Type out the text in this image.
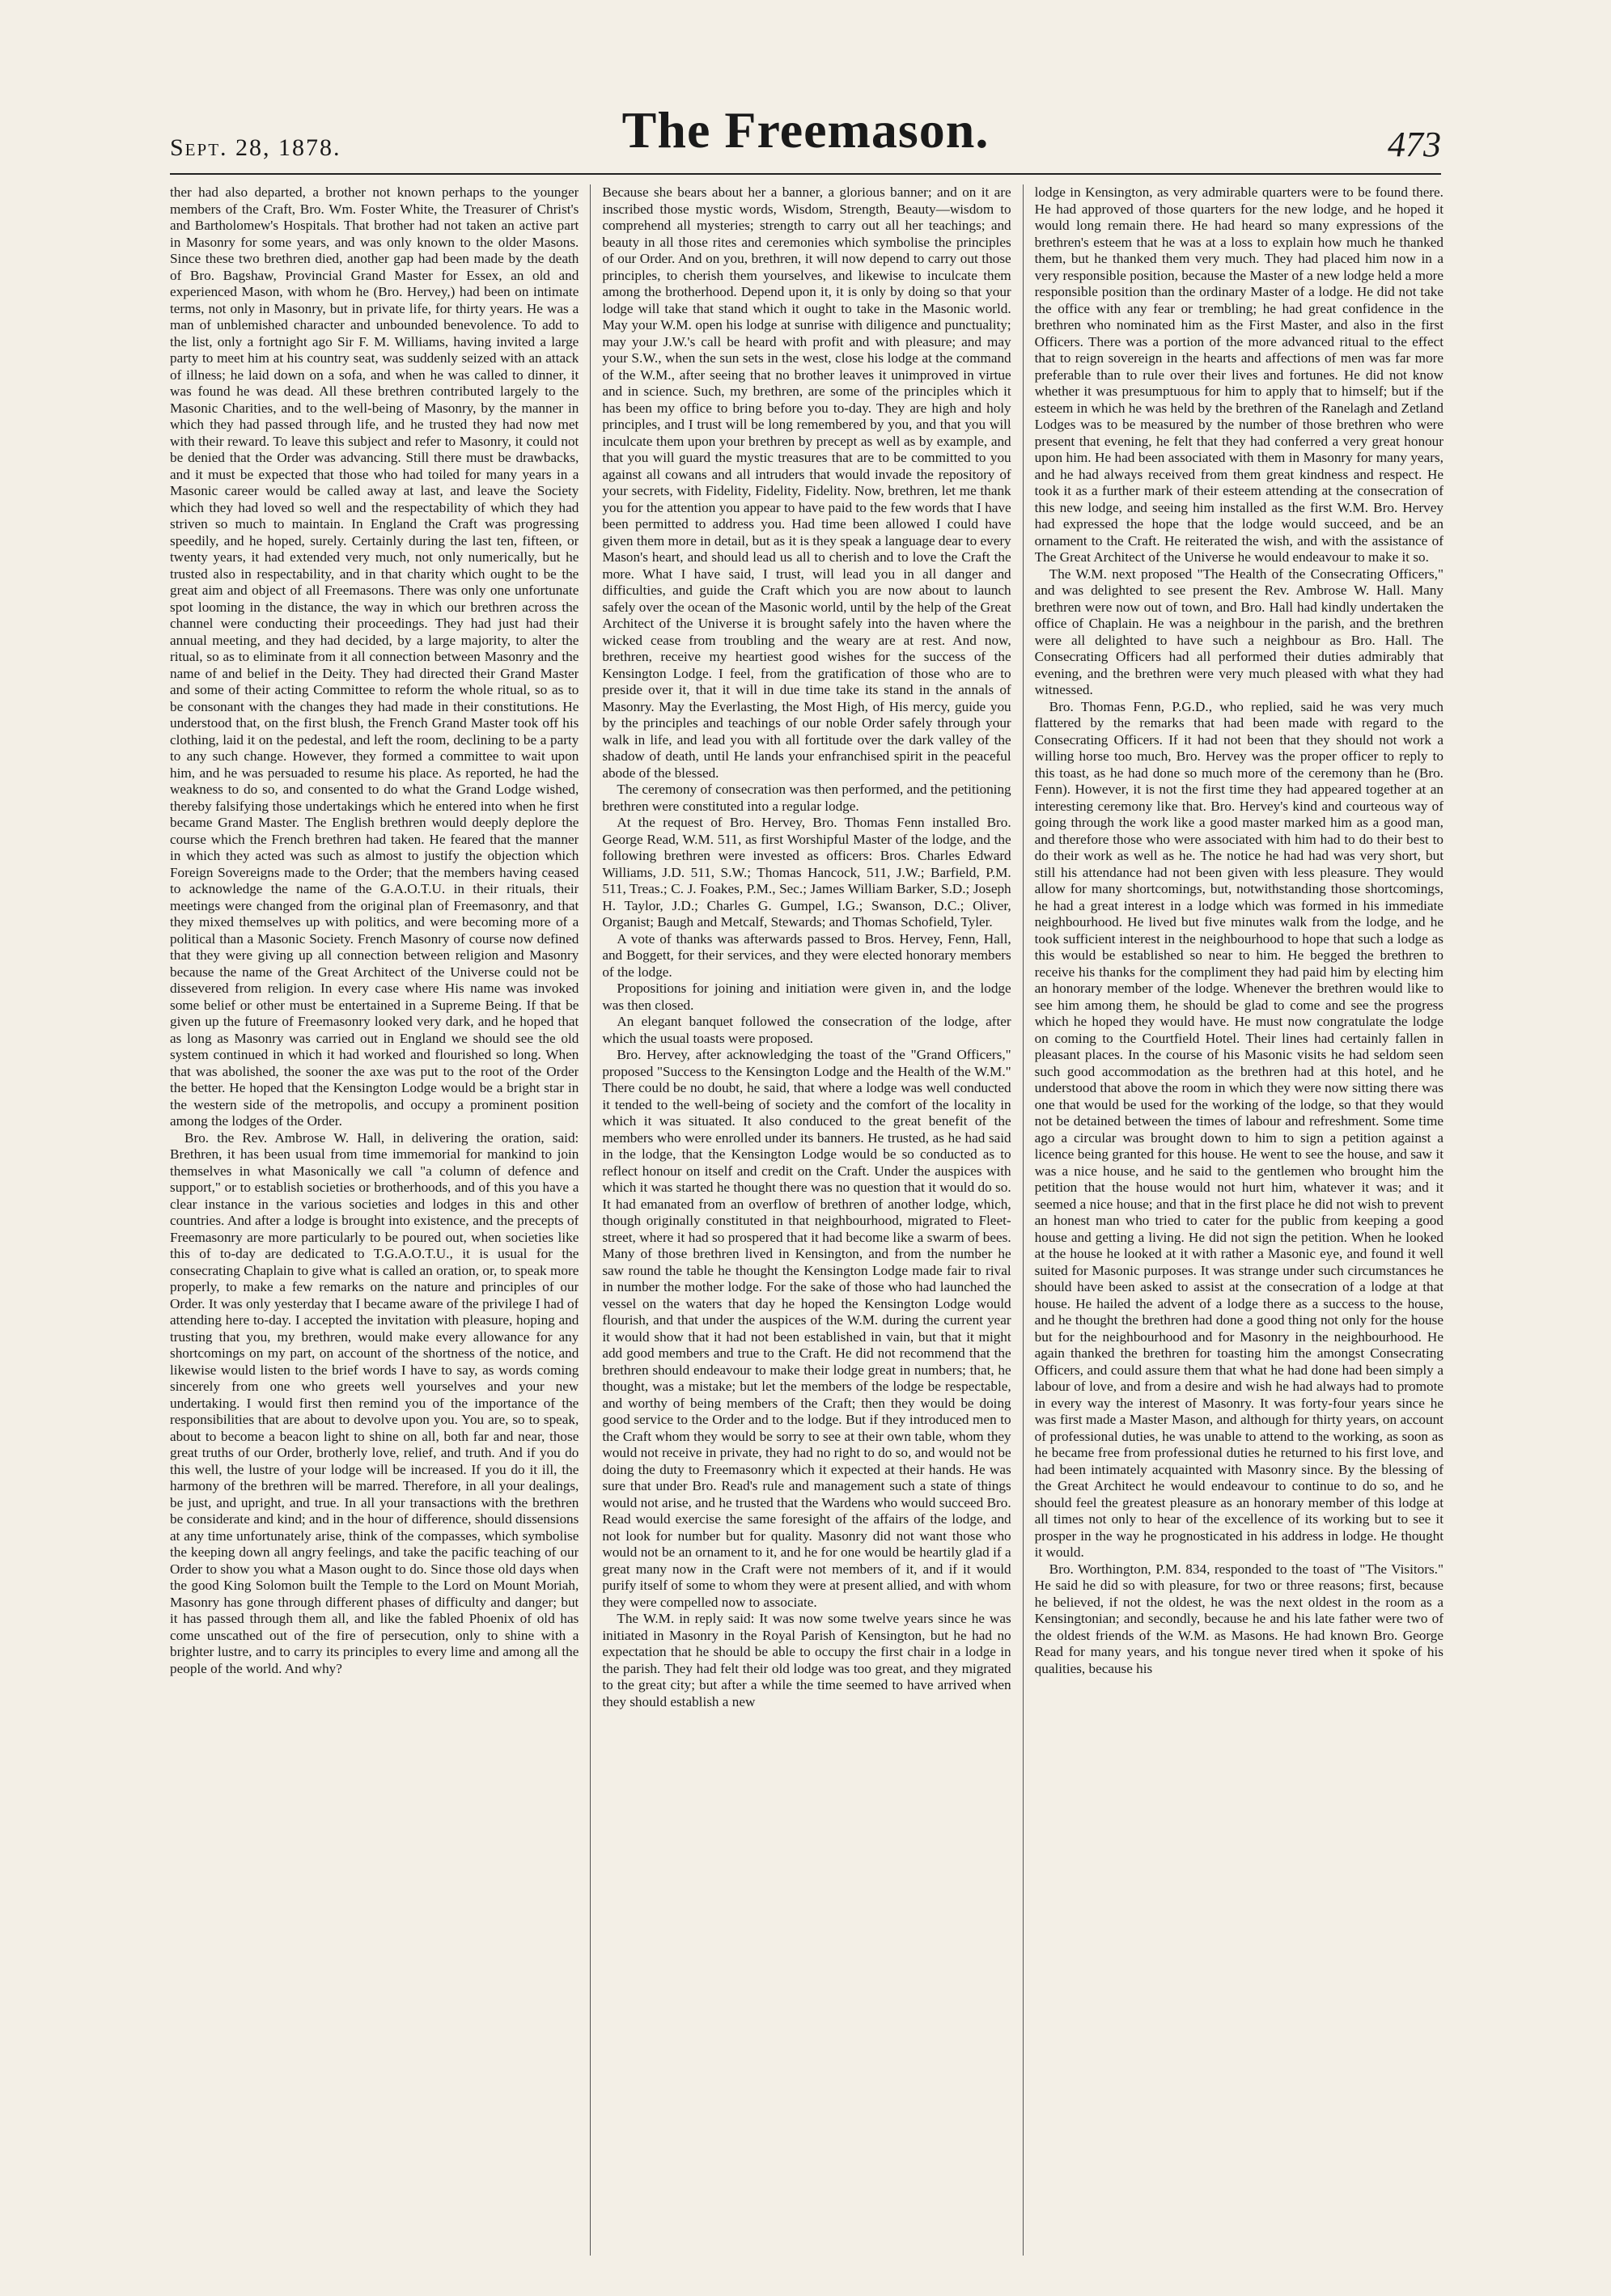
Sept. 28, 1878.	The Freemason.	473

ther had also departed, a brother not known perhaps to the younger members of the Craft, Bro. Wm. Foster White, the Treasurer of Christ's and Bartholomew's Hospitals. That brother had not taken an active part in Masonry for some years, and was only known to the older Masons. Since these two brethren died, another gap had been made by the death of Bro. Bagshaw, Provincial Grand Master for Essex, an old and experienced Mason, with whom he (Bro. Hervey,) had been on intimate terms, not only in Masonry, but in private life, for thirty years. He was a man of unblemished character and unbounded benevolence. To add to the list, only a fortnight ago Sir F. M. Williams, having invited a large party to meet him at his country seat, was suddenly seized with an attack of illness; he laid down on a sofa, and when he was called to dinner, it was found he was dead. All these brethren contributed largely to the Masonic Charities, and to the well-being of Masonry, by the manner in which they had passed through life, and he trusted they had now met with their reward. To leave this subject and refer to Masonry, it could not be denied that the Order was advancing. Still there must be drawbacks, and it must be expected that those who had toiled for many years in a Masonic career would be called away at last, and leave the Society which they had loved so well and the respectability of which they had striven so much to maintain. In England the Craft was progressing speedily, and he hoped, surely. Certainly during the last ten, fifteen, or twenty years, it had extended very much, not only numerically, but he trusted also in respectability, and in that charity which ought to be the great aim and object of all Freemasons. There was only one unfortunate spot looming in the distance, the way in which our brethren across the channel were conducting their proceedings. They had just had their annual meeting, and they had decided, by a large majority, to alter the ritual, so as to eliminate from it all connection between Masonry and the name of and belief in the Deity. They had directed their Grand Master and some of their acting Committee to reform the whole ritual, so as to be consonant with the changes they had made in their constitutions. He understood that, on the first blush, the French Grand Master took off his clothing, laid it on the pedestal, and left the room, declining to be a party to any such change. However, they formed a committee to wait upon him, and he was persuaded to resume his place. As reported, he had the weakness to do so, and consented to do what the Grand Lodge wished, thereby falsifying those undertakings which he entered into when he first became Grand Master. The English brethren would deeply deplore the course which the French brethren had taken. He feared that the manner in which they acted was such as almost to justify the objection which Foreign Sovereigns made to the Order; that the members having ceased to acknowledge the name of the G.A.O.T.U. in their rituals, their meetings were changed from the original plan of Freemasonry, and that they mixed themselves up with politics, and were becoming more of a political than a Masonic Society. French Masonry of course now defined that they were giving up all connection between religion and Masonry because the name of the Great Architect of the Universe could not be dissevered from religion. In every case where His name was invoked some belief or other must be entertained in a Supreme Being. If that be given up the future of Freemasonry looked very dark, and he hoped that as long as Masonry was carried out in England we should see the old system continued in which it had worked and flourished so long. When that was abolished, the sooner the axe was put to the root of the Order the better. He hoped that the Kensington Lodge would be a bright star in the western side of the metropolis, and occupy a prominent position among the lodges of the Order.

Bro. the Rev. Ambrose W. Hall, in delivering the oration, said: Brethren, it has been usual from time immemorial for mankind to join themselves in what Masonically we call "a column of defence and support," or to establish societies or brotherhoods, and of this you have a clear instance in the various societies and lodges in this and other countries. And after a lodge is brought into existence, and the precepts of Freemasonry are more particularly to be poured out, when societies like this of to-day are dedicated to T.G.A.O.T.U., it is usual for the consecrating Chaplain to give what is called an oration, or, to speak more properly, to make a few remarks on the nature and principles of our Order. It was only yesterday that I became aware of the privilege I had of attending here to-day. I accepted the invitation with pleasure, hoping and trusting that you, my brethren, would make every allowance for any shortcomings on my part, on account of the shortness of the notice, and likewise would listen to the brief words I have to say, as words coming sincerely from one who greets well yourselves and your new undertaking. I would first then remind you of the importance of the responsibilities that are about to devolve upon you. You are, so to speak, about to become a beacon light to shine on all, both far and near, those great truths of our Order, brotherly love, relief, and truth. And if you do this well, the lustre of your lodge will be increased. If you do it ill, the harmony of the brethren will be marred. Therefore, in all your dealings, be just, and upright, and true. In all your transactions with the brethren be considerate and kind; and in the hour of difference, should dissensions at any time unfortunately arise, think of the compasses, which symbolise the keeping down all angry feelings, and take the pacific teaching of our Order to show you what a Mason ought to do. Since those old days when the good King Solomon built the Temple to the Lord on Mount Moriah, Masonry has gone through different phases of difficulty and danger; but it has passed through them all, and like the fabled Phoenix of old has come unscathed out of the fire of persecution, only to shine with a brighter lustre, and to carry its principles to every lime and among all the people of the world. And why?

Because she bears about her a banner, a glorious banner; and on it are inscribed those mystic words, Wisdom, Strength, Beauty—wisdom to comprehend all mysteries; strength to carry out all her teachings; and beauty in all those rites and ceremonies which symbolise the principles of our Order. And on you, brethren, it will now depend to carry out those principles, to cherish them yourselves, and likewise to inculcate them among the brotherhood. Depend upon it, it is only by doing so that your lodge will take that stand which it ought to take in the Masonic world. May your W.M. open his lodge at sunrise with diligence and punctuality; may your J.W.'s call be heard with profit and with pleasure; and may your S.W., when the sun sets in the west, close his lodge at the command of the W.M., after seeing that no brother leaves it unimproved in virtue and in science. Such, my brethren, are some of the principles which it has been my office to bring before you to-day. They are high and holy principles, and I trust will be long remembered by you, and that you will inculcate them upon your brethren by precept as well as by example, and that you will guard the mystic treasures that are to be committed to you against all cowans and all intruders that would invade the repository of your secrets, with Fidelity, Fidelity, Fidelity. Now, brethren, let me thank you for the attention you appear to have paid to the few words that I have been permitted to address you. Had time been allowed I could have given them more in detail, but as it is they speak a language dear to every Mason's heart, and should lead us all to cherish and to love the Craft the more. What I have said, I trust, will lead you in all danger and difficulties, and guide the Craft which you are now about to launch safely over the ocean of the Masonic world, until by the help of the Great Architect of the Universe it is brought safely into the haven where the wicked cease from troubling and the weary are at rest. And now, brethren, receive my heartiest good wishes for the success of the Kensington Lodge. I feel, from the gratification of those who are to preside over it, that it will in due time take its stand in the annals of Masonry. May the Everlasting, the Most High, of His mercy, guide you by the principles and teachings of our noble Order safely through your walk in life, and lead you with all fortitude over the dark valley of the shadow of death, until He lands your enfranchised spirit in the peaceful abode of the blessed.

The ceremony of consecration was then performed, and the petitioning brethren were constituted into a regular lodge.

At the request of Bro. Hervey, Bro. Thomas Fenn installed Bro. George Read, W.M. 511, as first Worshipful Master of the lodge, and the following brethren were invested as officers: Bros. Charles Edward Williams, J.D. 511, S.W.; Thomas Hancock, 511, J.W.; Barfield, P.M. 511, Treas.; C. J. Foakes, P.M., Sec.; James William Barker, S.D.; Joseph H. Taylor, J.D.; Charles G. Gumpel, I.G.; Swanson, D.C.; Oliver, Organist; Baugh and Metcalf, Stewards; and Thomas Schofield, Tyler.

A vote of thanks was afterwards passed to Bros. Hervey, Fenn, Hall, and Boggett, for their services, and they were elected honorary members of the lodge.

Propositions for joining and initiation were given in, and the lodge was then closed.

An elegant banquet followed the consecration of the lodge, after which the usual toasts were proposed.

Bro. Hervey, after acknowledging the toast of the "Grand Officers," proposed "Success to the Kensington Lodge and the Health of the W.M." There could be no doubt, he said, that where a lodge was well conducted it tended to the well-being of society and the comfort of the locality in which it was situated. It also conduced to the great benefit of the members who were enrolled under its banners. He trusted, as he had said in the lodge, that the Kensington Lodge would be so conducted as to reflect honour on itself and credit on the Craft. Under the auspices with which it was started he thought there was no question that it would do so. It had emanated from an overflow of brethren of another lodge, which, though originally constituted in that neighbourhood, migrated to Fleet-street, where it had so prospered that it had become like a swarm of bees. Many of those brethren lived in Kensington, and from the number he saw round the table he thought the Kensington Lodge made fair to rival in number the mother lodge. For the sake of those who had launched the vessel on the waters that day he hoped the Kensington Lodge would flourish, and that under the auspices of the W.M. during the current year it would show that it had not been established in vain, but that it might add good members and true to the Craft. He did not recommend that the brethren should endeavour to make their lodge great in numbers; that, he thought, was a mistake; but let the members of the lodge be respectable, and worthy of being members of the Craft; then they would be doing good service to the Order and to the lodge. But if they introduced men to the Craft whom they would be sorry to see at their own table, whom they would not receive in private, they had no right to do so, and would not be doing the duty to Freemasonry which it expected at their hands. He was sure that under Bro. Read's rule and management such a state of things would not arise, and he trusted that the Wardens who would succeed Bro. Read would exercise the same foresight of the affairs of the lodge, and not look for number but for quality. Masonry did not want those who would not be an ornament to it, and he for one would be heartily glad if a great many now in the Craft were not members of it, and if it would purify itself of some to whom they were at present allied, and with whom they were compelled now to associate.

The W.M. in reply said: It was now some twelve years since he was initiated in Masonry in the Royal Parish of Kensington, but he had no expectation that he should be able to occupy the first chair in a lodge in the parish. They had felt their old lodge was too great, and they migrated to the great city; but after a while the time seemed to have arrived when they should establish a new

lodge in Kensington, as very admirable quarters were to be found there. He had approved of those quarters for the new lodge, and he hoped it would long remain there. He had heard so many expressions of the brethren's esteem that he was at a loss to explain how much he thanked them, but he thanked them very much. They had placed him now in a very responsible position, because the Master of a new lodge held a more responsible position than the ordinary Master of a lodge. He did not take the office with any fear or trembling; he had great confidence in the brethren who nominated him as the First Master, and also in the first Officers. There was a portion of the more advanced ritual to the effect that to reign sovereign in the hearts and affections of men was far more preferable than to rule over their lives and fortunes. He did not know whether it was presumptuous for him to apply that to himself; but if the esteem in which he was held by the brethren of the Ranelagh and Zetland Lodges was to be measured by the number of those brethren who were present that evening, he felt that they had conferred a very great honour upon him. He had been associated with them in Masonry for many years, and he had always received from them great kindness and respect. He took it as a further mark of their esteem attending at the consecration of this new lodge, and seeing him installed as the first W.M. Bro. Hervey had expressed the hope that the lodge would succeed, and be an ornament to the Craft. He reiterated the wish, and with the assistance of The Great Architect of the Universe he would endeavour to make it so.

The W.M. next proposed "The Health of the Consecrating Officers," and was delighted to see present the Rev. Ambrose W. Hall. Many brethren were now out of town, and Bro. Hall had kindly undertaken the office of Chaplain. He was a neighbour in the parish, and the brethren were all delighted to have such a neighbour as Bro. Hall. The Consecrating Officers had all performed their duties admirably that evening, and the brethren were very much pleased with what they had witnessed.

Bro. Thomas Fenn, P.G.D., who replied, said he was very much flattered by the remarks that had been made with regard to the Consecrating Officers. If it had not been that they should not work a willing horse too much, Bro. Hervey was the proper officer to reply to this toast, as he had done so much more of the ceremony than he (Bro. Fenn). However, it is not the first time they had appeared together at an interesting ceremony like that. Bro. Hervey's kind and courteous way of going through the work like a good master marked him as a good man, and therefore those who were associated with him had to do their best to do their work as well as he. The notice he had had was very short, but still his attendance had not been given with less pleasure. They would allow for many shortcomings, but, notwithstanding those shortcomings, he had a great interest in a lodge which was formed in his immediate neighbourhood. He lived but five minutes walk from the lodge, and he took sufficient interest in the neighbourhood to hope that such a lodge as this would be established so near to him. He begged the brethren to receive his thanks for the compliment they had paid him by electing him an honorary member of the lodge. Whenever the brethren would like to see him among them, he should be glad to come and see the progress which he hoped they would have. He must now congratulate the lodge on coming to the Courtfield Hotel. Their lines had certainly fallen in pleasant places. In the course of his Masonic visits he had seldom seen such good accommodation as the brethren had at this hotel, and he understood that above the room in which they were now sitting there was one that would be used for the working of the lodge, so that they would not be detained between the times of labour and refreshment. Some time ago a circular was brought down to him to sign a petition against a licence being granted for this house. He went to see the house, and saw it was a nice house, and he said to the gentlemen who brought him the petition that the house would not hurt him, whatever it was; and it seemed a nice house; and that in the first place he did not wish to prevent an honest man who tried to cater for the public from keeping a good house and getting a living. He did not sign the petition. When he looked at the house he looked at it with rather a Masonic eye, and found it well suited for Masonic purposes. It was strange under such circumstances he should have been asked to assist at the consecration of a lodge at that house. He hailed the advent of a lodge there as a success to the house, and he thought the brethren had done a good thing not only for the house but for the neighbourhood and for Masonry in the neighbourhood. He again thanked the brethren for toasting him the amongst Consecrating Officers, and could assure them that what he had done had been simply a labour of love, and from a desire and wish he had always had to promote in every way the interest of Masonry. It was forty-four years since he was first made a Master Mason, and although for thirty years, on account of professional duties, he was unable to attend to the working, as soon as he became free from professional duties he returned to his first love, and had been intimately acquainted with Masonry since. By the blessing of the Great Architect he would endeavour to continue to do so, and he should feel the greatest pleasure as an honorary member of this lodge at all times not only to hear of the excellence of its working but to see it prosper in the way he prognosticated in his address in lodge. He thought it would.

Bro. Worthington, P.M. 834, responded to the toast of "The Visitors." He said he did so with pleasure, for two or three reasons; first, because he believed, if not the oldest, he was the next oldest in the room as a Kensingtonian; and secondly, because he and his late father were two of the oldest friends of the W.M. as Masons. He had known Bro. George Read for many years, and his tongue never tired when it spoke of his qualities, because his
